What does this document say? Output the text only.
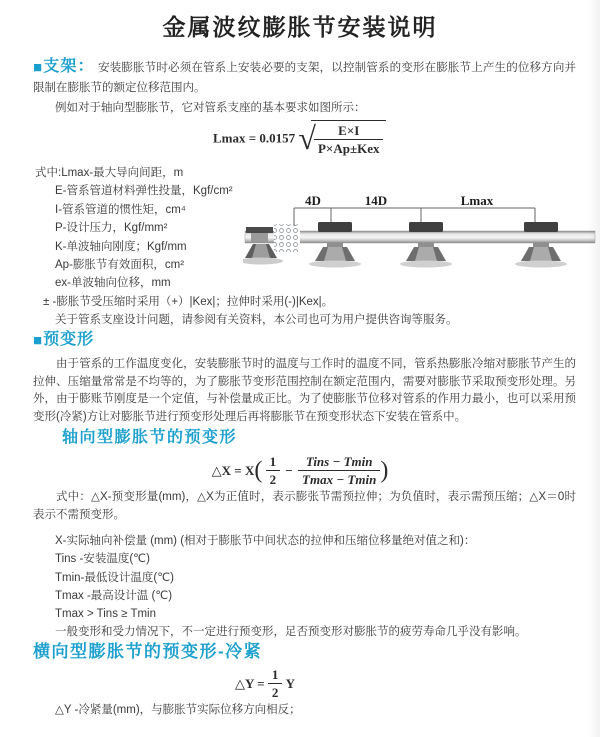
金属波纹膨胀节安装说明
■支架： 安装膨胀节时必须在管系上安装必要的支架，以控制管系的变形在膨胀节上产生的位移方向并限制在膨胀节的额定位移范围内。
例如对于轴向型膨胀节，它对管系支座的基本要求如图所示：
Lmax = 0.0157 √
$\frac{E\times I}{\text{P×Ap±Kex}}$
式中:Lmax-最大导向间距，m
E-管系管道材料弹性投量，Kgf/cm²
I-管系管道的惯性矩，cm⁴
P-设计压力，Kgf/mm²
K-单波轴向刚度；Kgf/mm
Ap-膨胀节有效面积，cm²
ex-单波轴向位移，mm
± -膨胀节受压缩时采用（+）|Kex|；拉伸时采用(-)|Kex|。
关于管系支座设计问题，请参阅有关资料，本公司也可为用户提供咨询等服务。
4D	14D	Lmax
■预变形
由于管系的工作温度变化，安装膨胀节时的温度与工作时的温度不同，管系热膨胀冷缩对膨胀节产生的拉伸、压缩量常常是不均等的，为了膨胀节变形范围控制在额定范围内，需要对膨胀节采取预变形处理。另外，由于膨账节刚度是一个定值，与补偿量成正比。为了使膨胀节位移对管系的作用力最小，也可以采用预变形(冷紧)方让对膨胀节进行预变形处理后再将膨胀节在预变形状态下安装在管系中。
轴向型膨胀节的预变形
△X = $X( \frac{1}{2} - \frac{\text{Tins − Tmin}}{Tmax - Tmin}$ )
式中：△X-预变形量(mm)，△X为正值时，表示膨张节需预拉伸；为负值时，表示需预压缩；△X＝0时表示不需预变形。
X-实际轴向补偿量 (mm) (相对于膨胀节中间状态的拉伸和压缩位移量绝对值之和)：
Tins -安装温度(℃)
Tmin-最低设计温度(℃)
Tmax -最高设计温 (℃)
Tmax > Tins ≥ Tmin
一般变形和受力情况下，不一定进行预变形，足否预变形对膨胀节的疲劳寿命几乎没有影响。
横向型膨胀节的预变形-冷紧
△Y = $\frac{1}{2}$ Y
△Y -冷紧量(mm)，与膨胀节实际位移方向相反；
